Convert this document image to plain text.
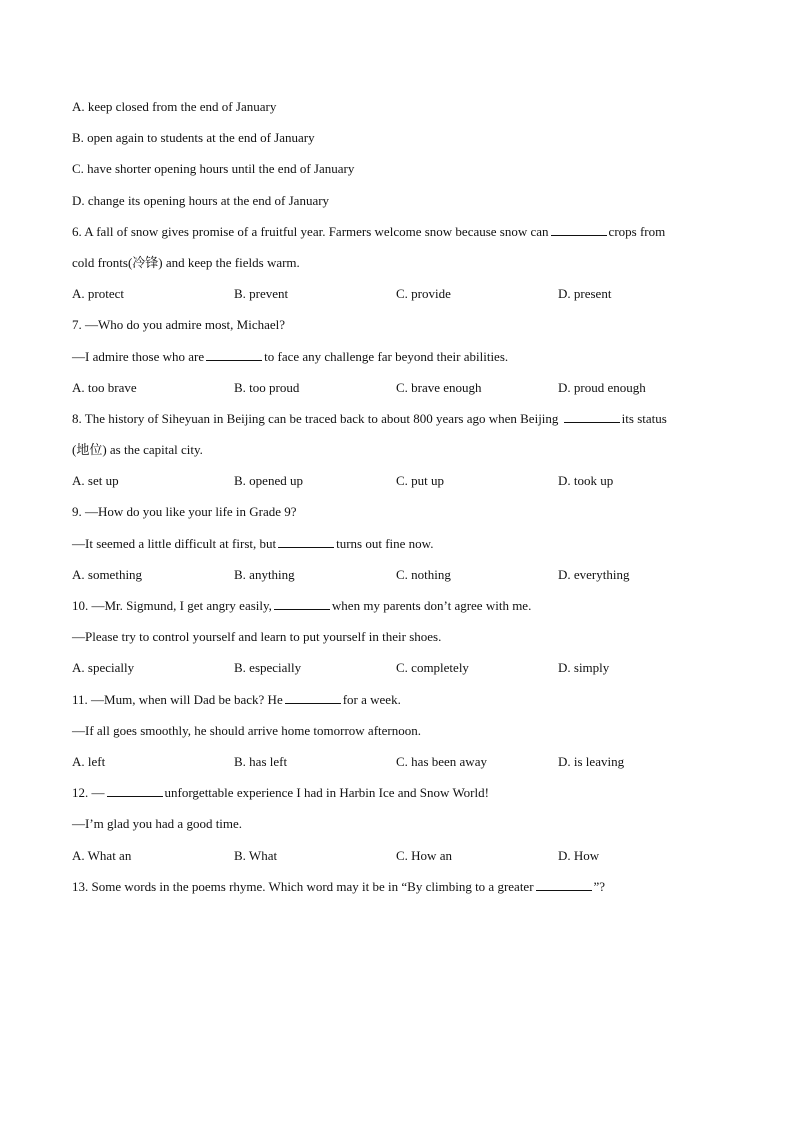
A. keep closed from the end of January
B. open again to students at the end of January
C. have shorter opening hours until the end of January
D. change its opening hours at the end of January
6. A fall of snow gives promise of a fruitful year. Farmers welcome snow because snow can	crops from
cold fronts(冷锋) and keep the fields warm.
A. protect	B. prevent	C. provide	D. present
7. —Who do you admire most, Michael?
—I admire those who are	to face any challenge far beyond their abilities.
A. too brave	B. too proud	C. brave enough	D. proud enough
8. The history of Siheyuan in Beijing can be traced back to about 800 years ago when Beijing	its status
(地位) as the capital city.
A. set up	B. opened up	C. put up	D. took up
9. —How do you like your life in Grade 9?
—It seemed a little difficult at first, but	turns out fine now.
A. something	B. anything	C. nothing	D. everything
10. —Mr. Sigmund, I get angry easily,	when my parents don’t agree with me.
—Please try to control yourself and learn to put yourself in their shoes.
A. specially	B. especially	C. completely	D. simply
11. —Mum, when will Dad be back? He	for a week.
—If all goes smoothly, he should arrive home tomorrow afternoon.
A. left	B. has left	C. has been away	D. is leaving
12. —	unforgettable experience I had in Harbin Ice and Snow World!
—I’m glad you had a good time.
A. What an	B. What	C. How an	D. How
13. Some words in the poems rhyme. Which word may it be in “By climbing to a greater	”?
